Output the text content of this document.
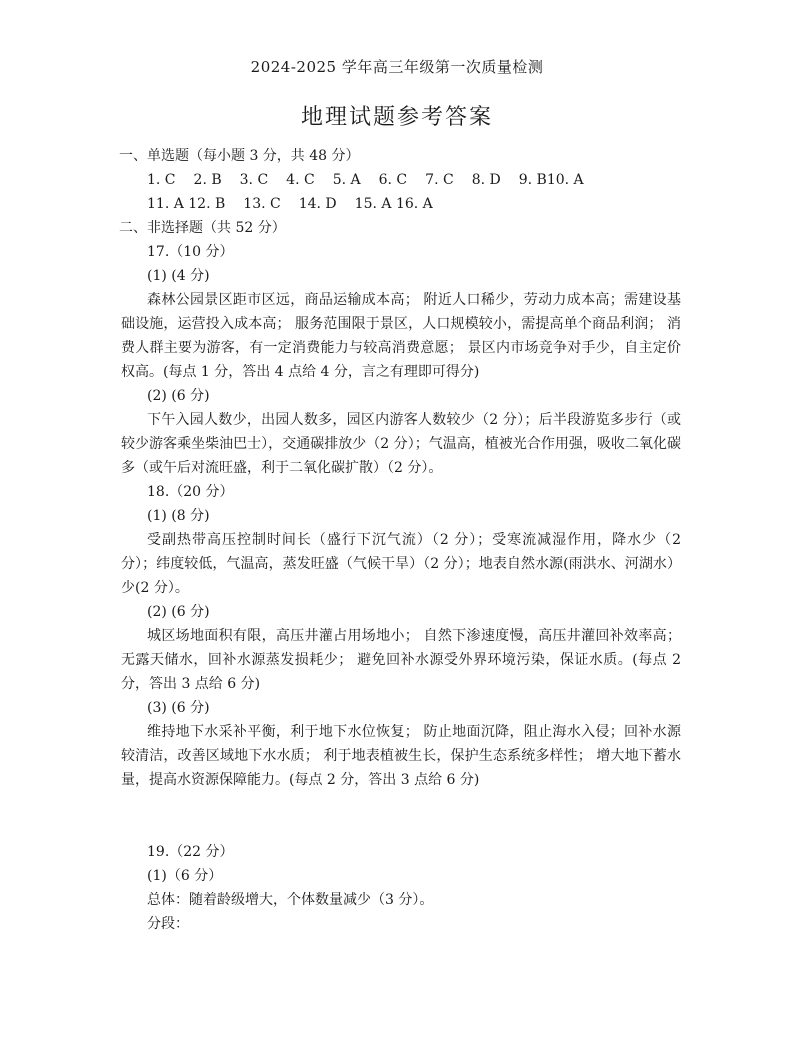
2024-2025 学年高三年级第一次质量检测
地理试题参考答案
一、单选题（每小题 3 分，共 48 分）
1. C 2. B 3. C 4. C 5. A 6. C 7. C 8. D 9. B10. A
11. A 12. B 13. C 14. D 15. A 16. A
二、非选择题（共 52 分）
17.（10 分）
(1) (4 分)
森林公园景区距市区远，商品运输成本高； 附近人口稀少，劳动力成本高；需建设基础设施，运营投入成本高； 服务范围限于景区，人口规模较小，需提高单个商品利润； 消费人群主要为游客，有一定消费能力与较高消费意愿； 景区内市场竞争对手少，自主定价权高。(每点 1 分，答出 4 点给 4 分，言之有理即可得分)
(2) (6 分)
下午入园人数少，出园人数多，园区内游客人数较少（2 分）；后半段游览多步行（或较少游客乘坐柴油巴士），交通碳排放少（2 分）；气温高，植被光合作用强，吸收二氧化碳多（或午后对流旺盛，利于二氧化碳扩散）（2 分）。
18.（20 分）
(1) (8 分)
受副热带高压控制时间长（盛行下沉气流）（2 分）；受寒流减湿作用，降水少（2 分）；纬度较低，气温高，蒸发旺盛（气候干旱）（2 分）；地表自然水源(雨洪水、河湖水）少(2 分）。
(2) (6 分)
城区场地面积有限，高压井灌占用场地小； 自然下渗速度慢，高压井灌回补效率高； 无露天储水，回补水源蒸发损耗少； 避免回补水源受外界环境污染，保证水质。(每点 2 分，答出 3 点给 6 分)
(3) (6 分)
维持地下水采补平衡，利于地下水位恢复； 防止地面沉降，阻止海水入侵；回补水源较清洁，改善区域地下水水质； 利于地表植被生长，保护生态系统多样性； 增大地下蓄水量，提高水资源保障能力。(每点 2 分，答出 3 点给 6 分)
19.（22 分）
(1)（6 分）
总体：随着龄级增大，个体数量减少（3 分）。
分段：
